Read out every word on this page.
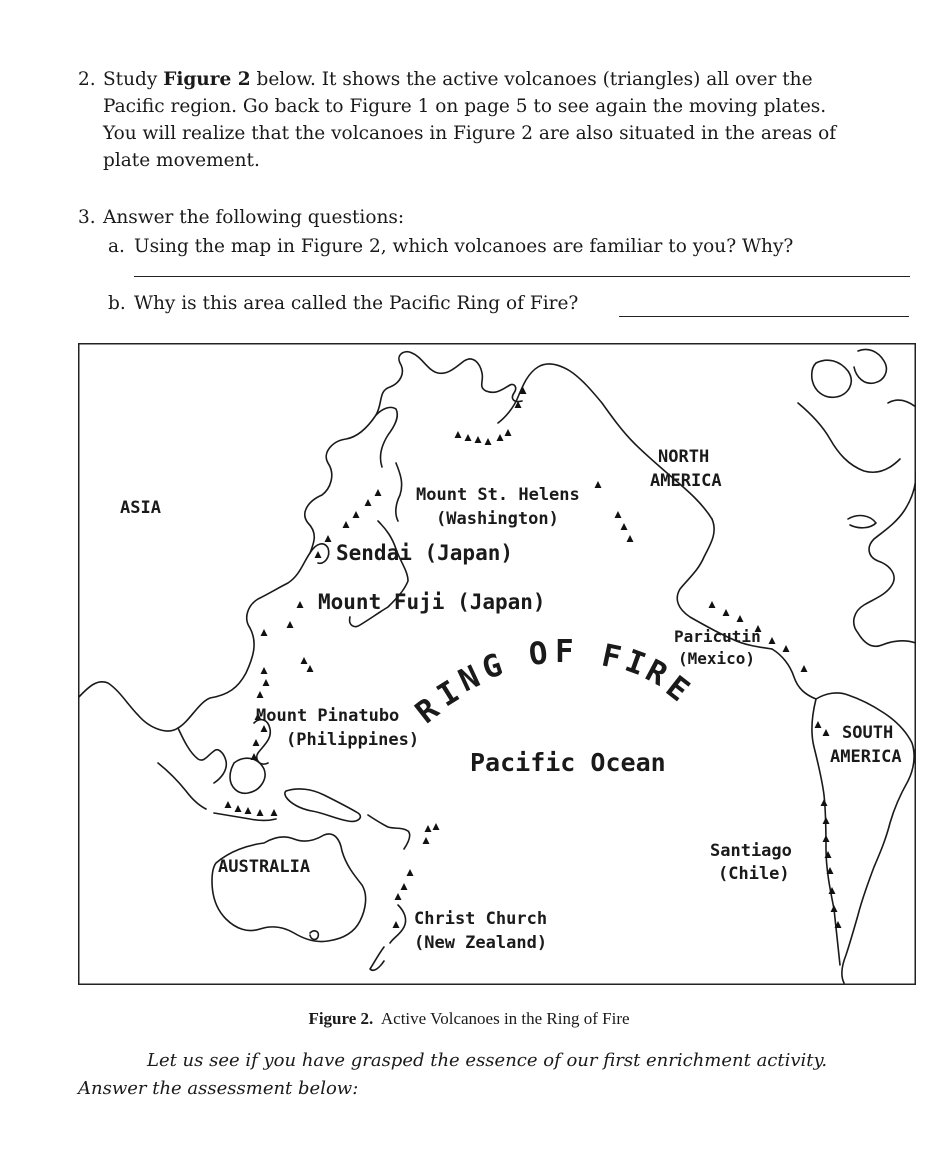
2. Study Figure 2 below. It shows the active volcanoes (triangles) all over the
Pacific region. Go back to Figure 1 on page 5 to see again the moving plates.
You will realize that the volcanoes in Figure 2 are also situated in the areas of
plate movement.
3. Answer the following questions:
a. Using the map in Figure 2, which volcanoes are familiar to you? Why?
b. Why is this area called the Pacific Ring of Fire?
ASIA
NORTH
AMERICA
SOUTH
AMERICA
AUSTRALIA
Pacific Ocean
Mount St. Helens
(Washington)
Sendai (Japan)
Mount Fuji (Japan)
Paricutin
(Mexico)
Mount Pinatubo
(Philippines)
Santiago
(Chile)
Christ Church
(New Zealand)
R
I
N
G O F F
I
R
E
Figure 2. Active Volcanoes in the Ring of Fire
Let us see if you have grasped the essence of our first enrichment activity.
Answer the assessment below:
